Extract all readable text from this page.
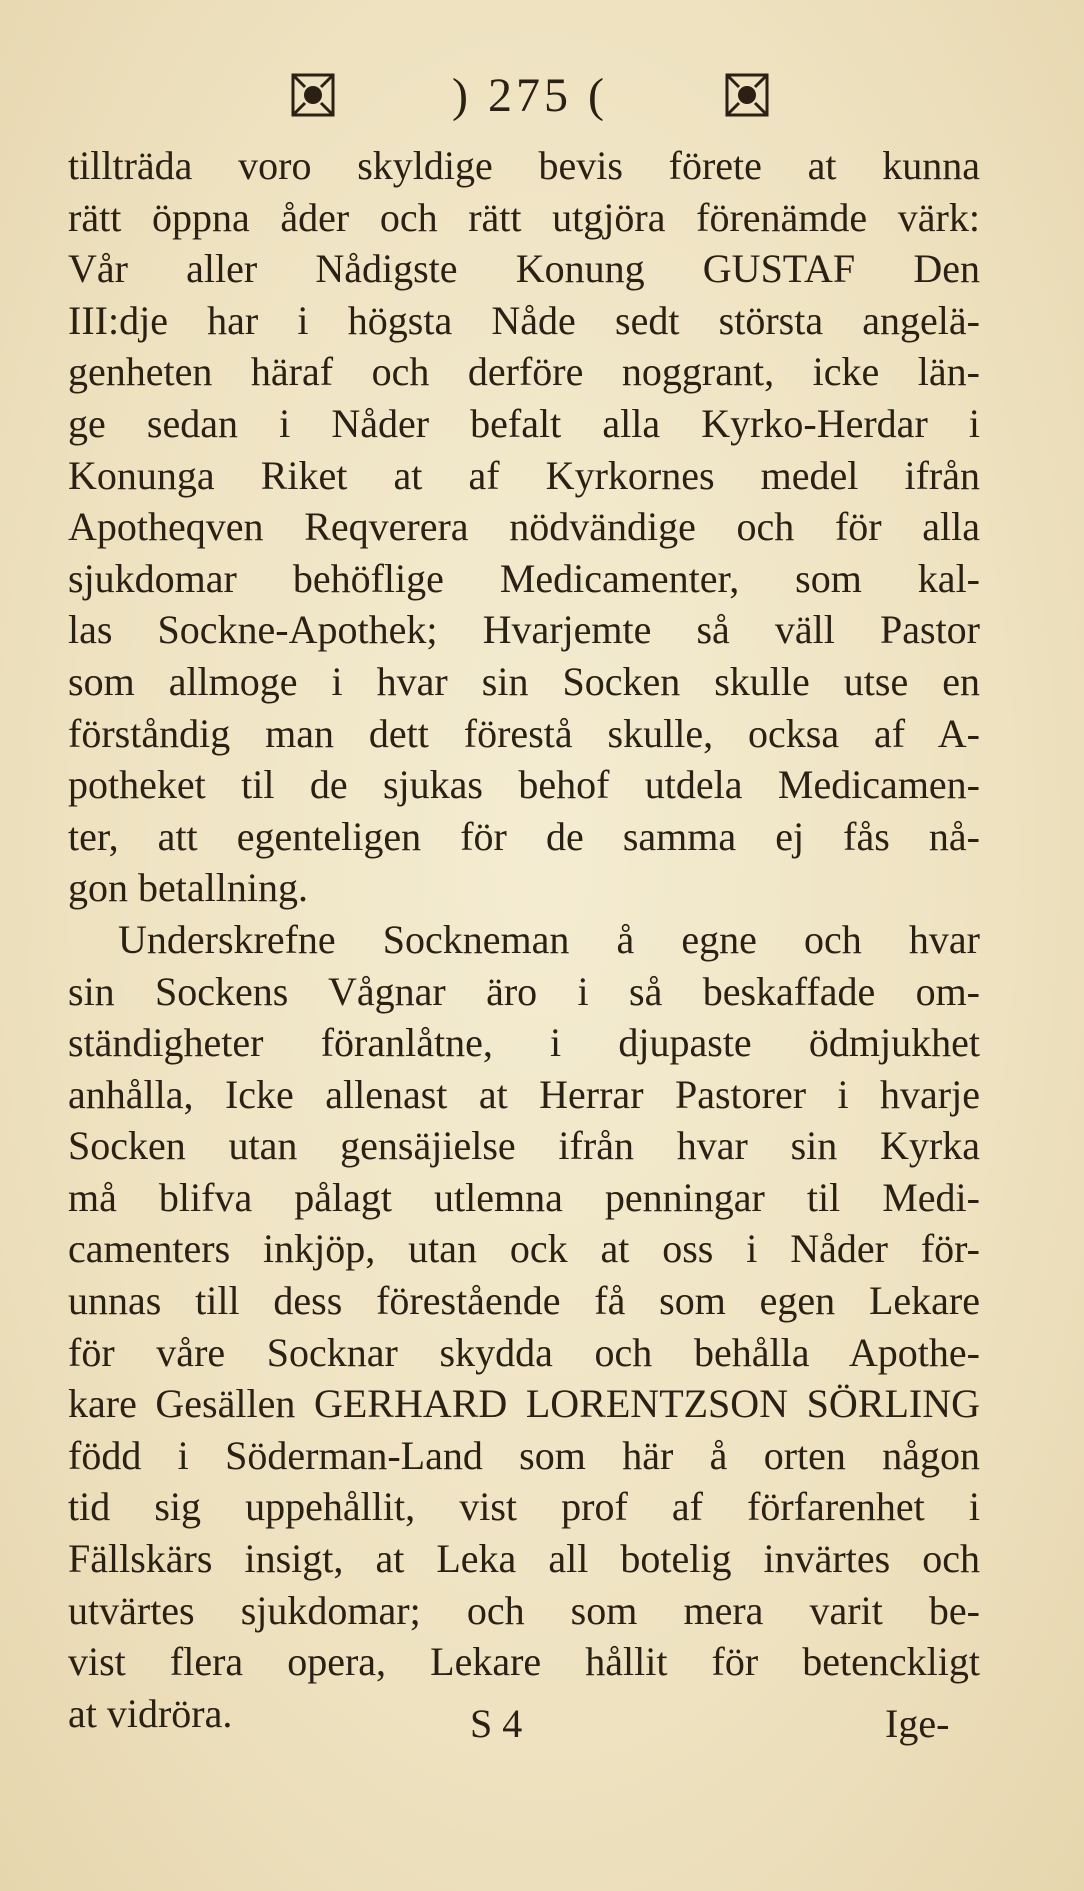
) 275 (
tillträda voro skyldige bevis förete at kunna
rätt öppna åder och rätt utgjöra förenämde värk:
Vår aller Nådigste Konung GUSTAF Den
III:dje har i högsta Nåde sedt största angelä-
genheten häraf och derföre noggrant, icke län-
ge sedan i Nåder befalt alla Kyrko-Herdar i
Konunga Riket at af Kyrkornes medel ifrån
Apotheqven Reqverera nödvändige och för alla
sjukdomar behöflige Medicamenter, som kal-
las Sockne-Apothek; Hvarjemte så väll Pastor
som allmoge i hvar sin Socken skulle utse en
förståndig man dett förestå skulle, ocksa af A-
potheket til de sjukas behof utdela Medicamen-
ter, att egenteligen för de samma ej fås nå-
gon betallning.
Underskrefne Sockneman å egne och hvar
sin Sockens Vågnar äro i så beskaffade om-
ständigheter föranlåtne, i djupaste ödmjukhet
anhålla, Icke allenast at Herrar Pastorer i hvarje
Socken utan gensäjielse ifrån hvar sin Kyrka
må blifva pålagt utlemna penningar til Medi-
camenters inkjöp, utan ock at oss i Nåder för-
unnas till dess förestående få som egen Lekare
för våre Socknar skydda och behålla Apothe-
kare Gesällen GERHARD LORENTZSON SÖRLING
född i Söderman-Land som här å orten någon
tid sig uppehållit, vist prof af förfarenhet i
Fällskärs insigt, at Leka all botelig invärtes och
utvärtes sjukdomar; och som mera varit be-
vist flera opera, Lekare hållit för betenckligt
at vidröra.	S 4	Ige-
